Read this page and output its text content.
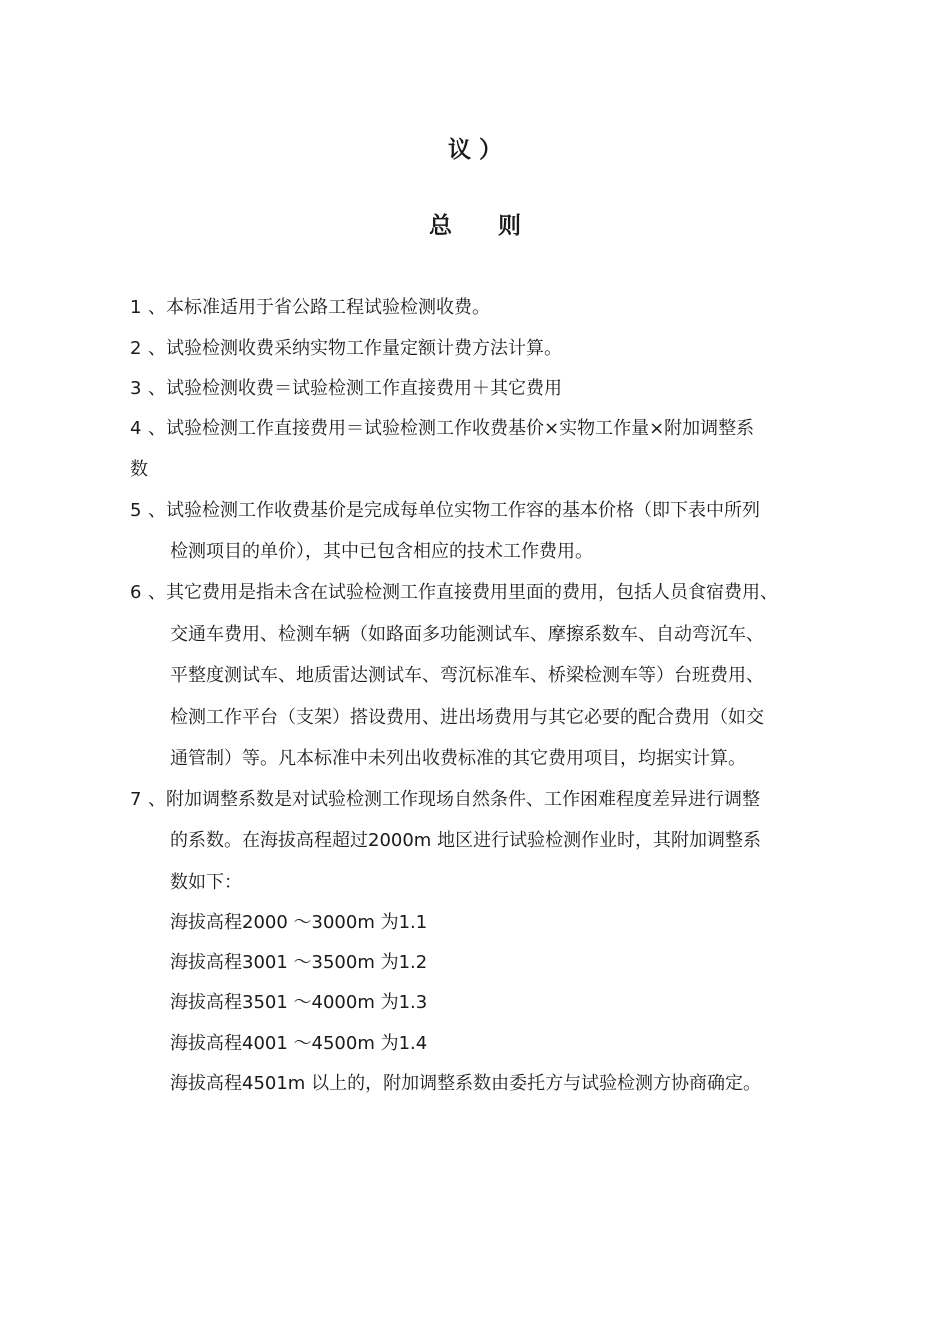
议 ）
总　　则
1 、本标准适用于省公路工程试验检测收费。
2 、试验检测收费采纳实物工作量定额计费方法计算。
3 、试验检测收费＝试验检测工作直接费用＋其它费用
4 、试验检测工作直接费用＝试验检测工作收费基价×实物工作量×附加调整系
数
5 、试验检测工作收费基价是完成每单位实物工作容的基本价格（即下表中所列
检测项目的单价），其中已包含相应的技术工作费用。
6 、其它费用是指未含在试验检测工作直接费用里面的费用，包括人员食宿费用、
交通车费用、检测车辆（如路面多功能测试车、摩擦系数车、自动弯沉车、
平整度测试车、地质雷达测试车、弯沉标准车、桥梁检测车等）台班费用、
检测工作平台（支架）搭设费用、进出场费用与其它必要的配合费用（如交
通管制）等。凡本标准中未列出收费标准的其它费用项目，均据实计算。
7 、附加调整系数是对试验检测工作现场自然条件、工作困难程度差异进行调整
的系数。在海拔高程超过2000m 地区进行试验检测作业时，其附加调整系
数如下：
海拔高程2000 ～3000m 为1.1
海拔高程3001 ～3500m 为1.2
海拔高程3501 ～4000m 为1.3
海拔高程4001 ～4500m 为1.4
海拔高程4501m 以上的，附加调整系数由委托方与试验检测方协商确定。
